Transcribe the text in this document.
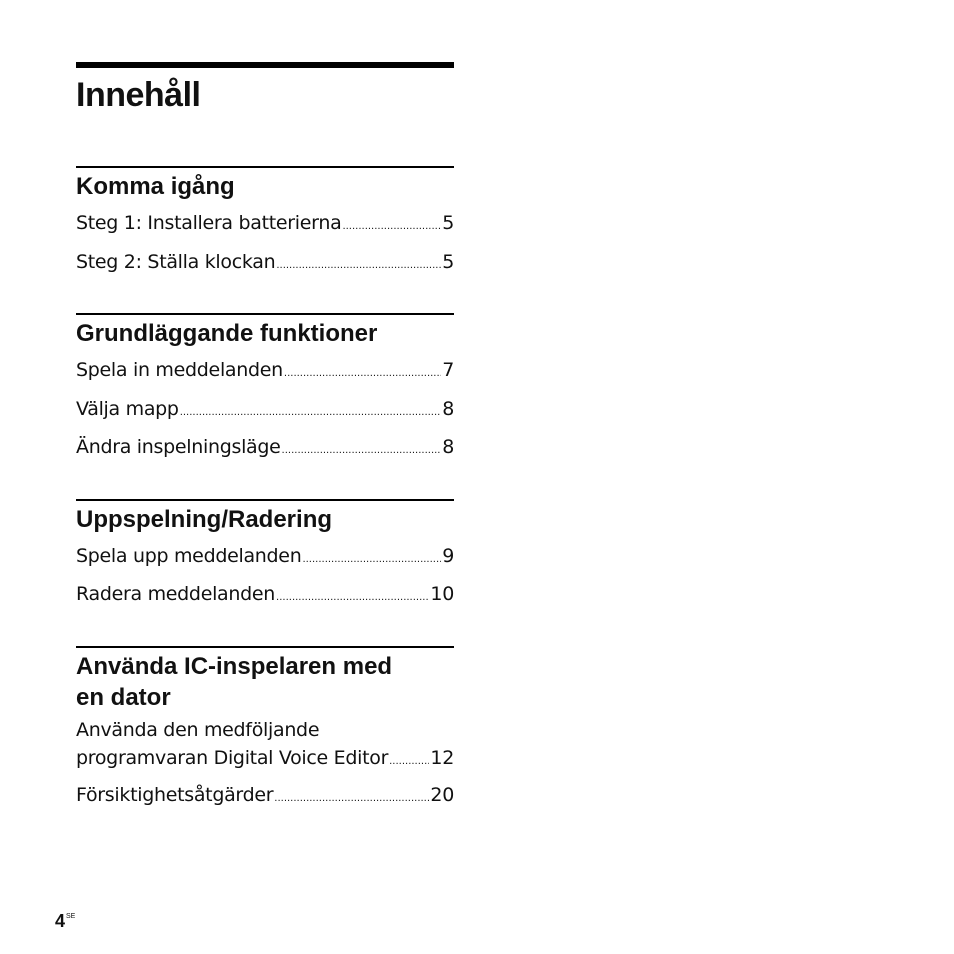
Innehåll
Komma igång
Steg 1: Installera batterierna .....	5
Steg 2: Ställa klockan .....	5
Grundläggande funktioner
Spela in meddelanden .....	7
Välja mapp .....	8
Ändra inspelningsläge .....	8
Uppspelning/Radering
Spela upp meddelanden .....	9
Radera meddelanden .....	10
Använda IC-inspelaren med
en dator
Använda den medföljande
programvaran Digital Voice Editor ..... 12
Försiktighetsåtgärder .....	20
$4^{SE}$
